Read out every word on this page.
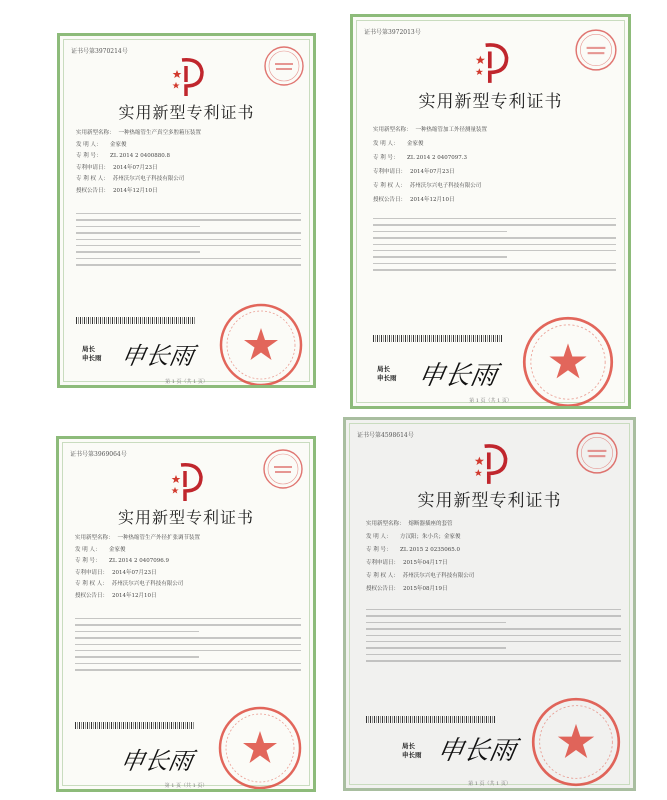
证书号第3970214号
实用新型专利证书
实用新型名称： 一种热缩管生产真空多腔箱压装置
发 明 人： 金家俊
专 利 号： ZL 2014 2 0400880.8
专利申请日： 2014年07月23日
专 利 权 人： 苏州沃尔兴电子科技有限公司
授权公告日： 2014年12月10日
局长
申长雨 申长雨
第 1 页（共 1 页）
证书号第3972013号
实用新型专利证书
实用新型名称： 一种热缩管加工外径测量装置
发 明 人： 金家俊
专 利 号： ZL 2014 2 0407097.3
专利申请日： 2014年07月23日
专 利 权 人： 苏州沃尔兴电子科技有限公司
授权公告日： 2014年12月10日
局长
申长雨 申长雨
第 1 页（共 1 页）
证书号第3969064号
实用新型专利证书
实用新型名称： 一种热缩管生产外径扩张调节装置
发 明 人： 金家俊
专 利 号： ZL 2014 2 0407096.9
专利申请日： 2014年07月23日
专 利 权 人： 苏州沃尔兴电子科技有限公司
授权公告日： 2014年12月10日
申长雨
第 1 页（共 1 页）
证书号第4598614号
实用新型专利证书
实用新型名称： 熔断器插座的套管
发 明 人： 方汉阳；朱小兵；金家俊
专 利 号： ZL 2015 2 0235065.0
专利申请日： 2015年04月17日
专 利 权 人： 苏州沃尔兴电子科技有限公司
授权公告日： 2015年08月19日
局长
申长雨 申长雨
第 1 页（共 1 页）
